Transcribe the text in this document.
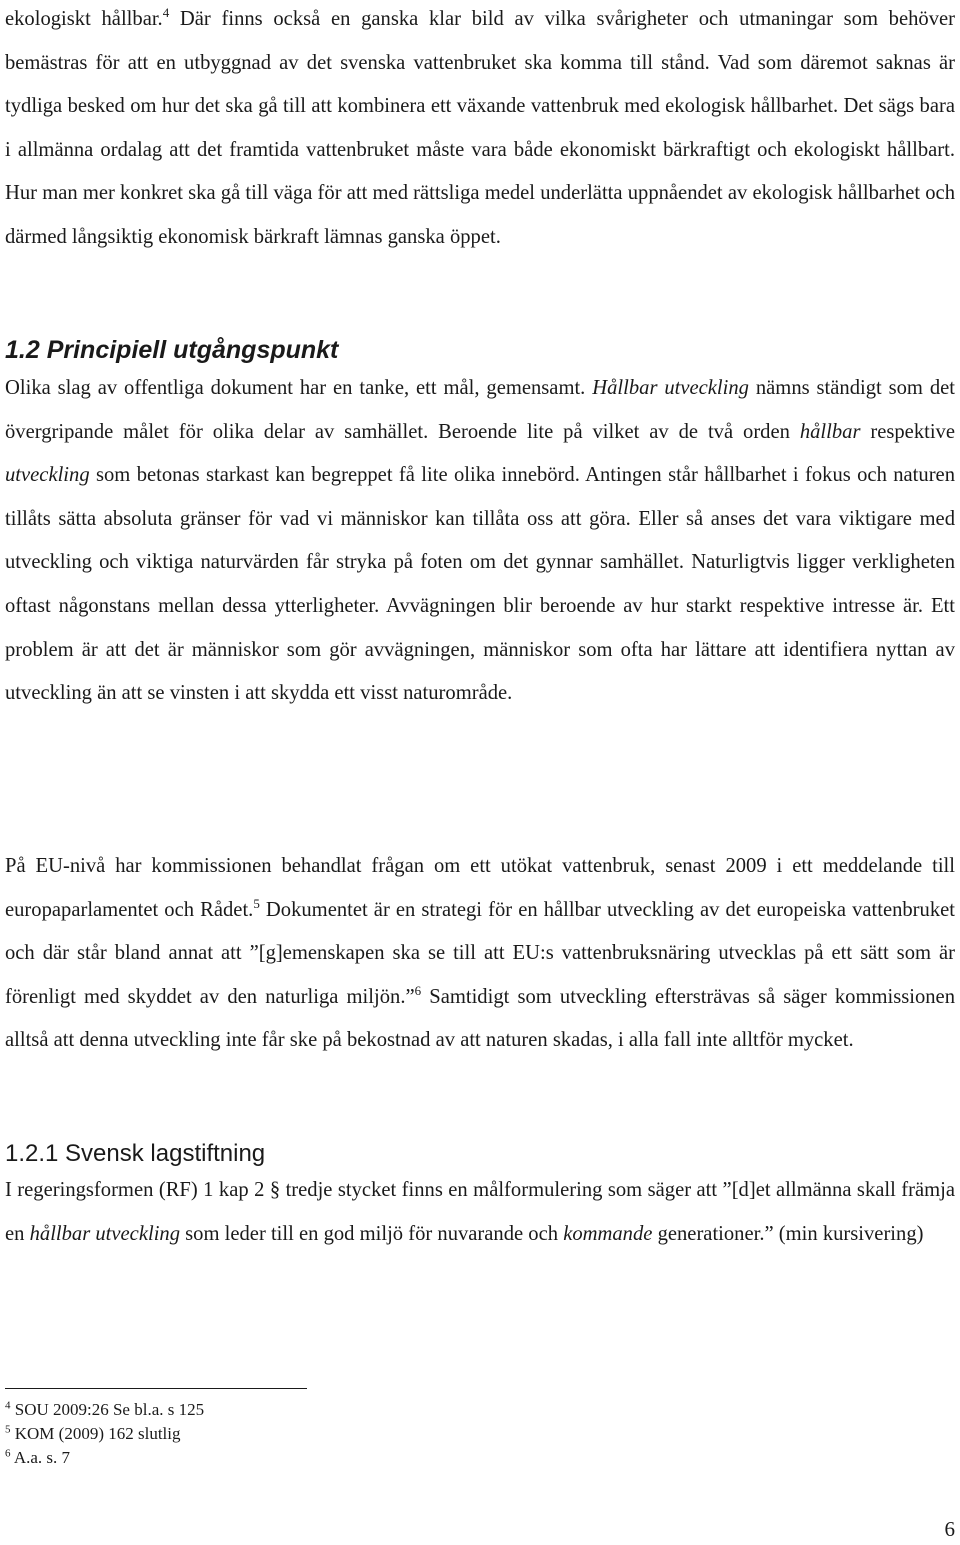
ekologiskt hållbar.$^4$ Där finns också en ganska klar bild av vilka svårigheter och utmaningar som behöver bemästras för att en utbyggnad av det svenska vattenbruket ska komma till stånd. Vad som däremot saknas är tydliga besked om hur det ska gå till att kombinera ett växande vattenbruk med ekologisk hållbarhet. Det sägs bara i allmänna ordalag att det framtida vattenbruket måste vara både ekonomiskt bärkraftigt och ekologiskt hållbart. Hur man mer konkret ska gå till väga för att med rättsliga medel underlätta uppnåendet av ekologisk hållbarhet och därmed långsiktig ekonomisk bärkraft lämnas ganska öppet.

1.2 Principiell utgångspunkt

Olika slag av offentliga dokument har en tanke, ett mål, gemensamt. Hållbar utveckling nämns ständigt som det övergripande målet för olika delar av samhället. Beroende lite på vilket av de två orden hållbar respektive utveckling som betonas starkast kan begreppet få lite olika innebörd. Antingen står hållbarhet i fokus och naturen tillåts sätta absoluta gränser för vad vi människor kan tillåta oss att göra. Eller så anses det vara viktigare med utveckling och viktiga naturvärden får stryka på foten om det gynnar samhället. Naturligtvis ligger verkligheten oftast någonstans mellan dessa ytterligheter. Avvägningen blir beroende av hur starkt respektive intresse är. Ett problem är att det är människor som gör avvägningen, människor som ofta har lättare att identifiera nyttan av utveckling än att se vinsten i att skydda ett visst naturområde.

På EU-nivå har kommissionen behandlat frågan om ett utökat vattenbruk, senast 2009 i ett meddelande till europaparlamentet och Rådet.$^5$ Dokumentet är en strategi för en hållbar utveckling av det europeiska vattenbruket och där står bland annat att ”[g]emenskapen ska se till att EU:s vattenbruksnäring utvecklas på ett sätt som är förenligt med skyddet av den naturliga miljön.”$^6$ Samtidigt som utveckling eftersträvas så säger kommissionen alltså att denna utveckling inte får ske på bekostnad av att naturen skadas, i alla fall inte alltför mycket.

1.2.1 Svensk lagstiftning

I regeringsformen (RF) 1 kap 2 § tredje stycket finns en målformulering som säger att ”[d]et allmänna skall främja en hållbar utveckling som leder till en god miljö för nuvarande och kommande generationer.” (min kursivering)

$^4$ SOU 2009:26 Se bl.a. s 125
$^5$ KOM (2009) 162 slutlig
$^6$ A.a. s. 7
6
